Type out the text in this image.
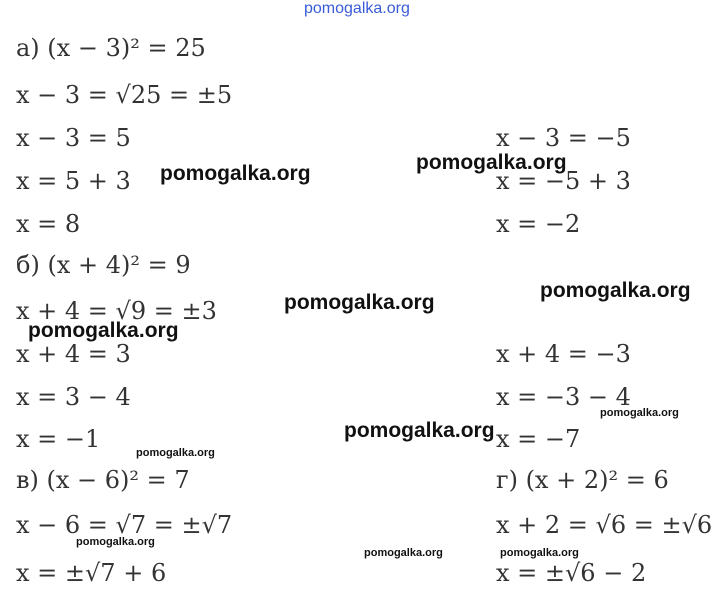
pomogalka.org
а) (x − 3)² = 25
x − 3 = √25 = ±5
x − 3 = 5
x = 5 + 3
x = 8
б) (x + 4)² = 9
x + 4 = √9 = ±3
x + 4 = 3
x = 3 − 4
x = −1
в) (x − 6)² = 7
x − 6 = √7 = ±√7
x = ±√7 + 6
x − 3 = −5
x = −5 + 3
x = −2
x + 4 = −3
x = −3 − 4
x = −7
г) (x + 2)² = 6
x + 2 = √6 = ±√6
x = ±√6 − 2
pomogalka.org	pomogalka.org
pomogalka.org
pomogalka.org
pomogalka.org
pomogalka.org
pomogalka.org
pomogalka.org
pomogalka.org
pomogalka.org	pomogalka.org
